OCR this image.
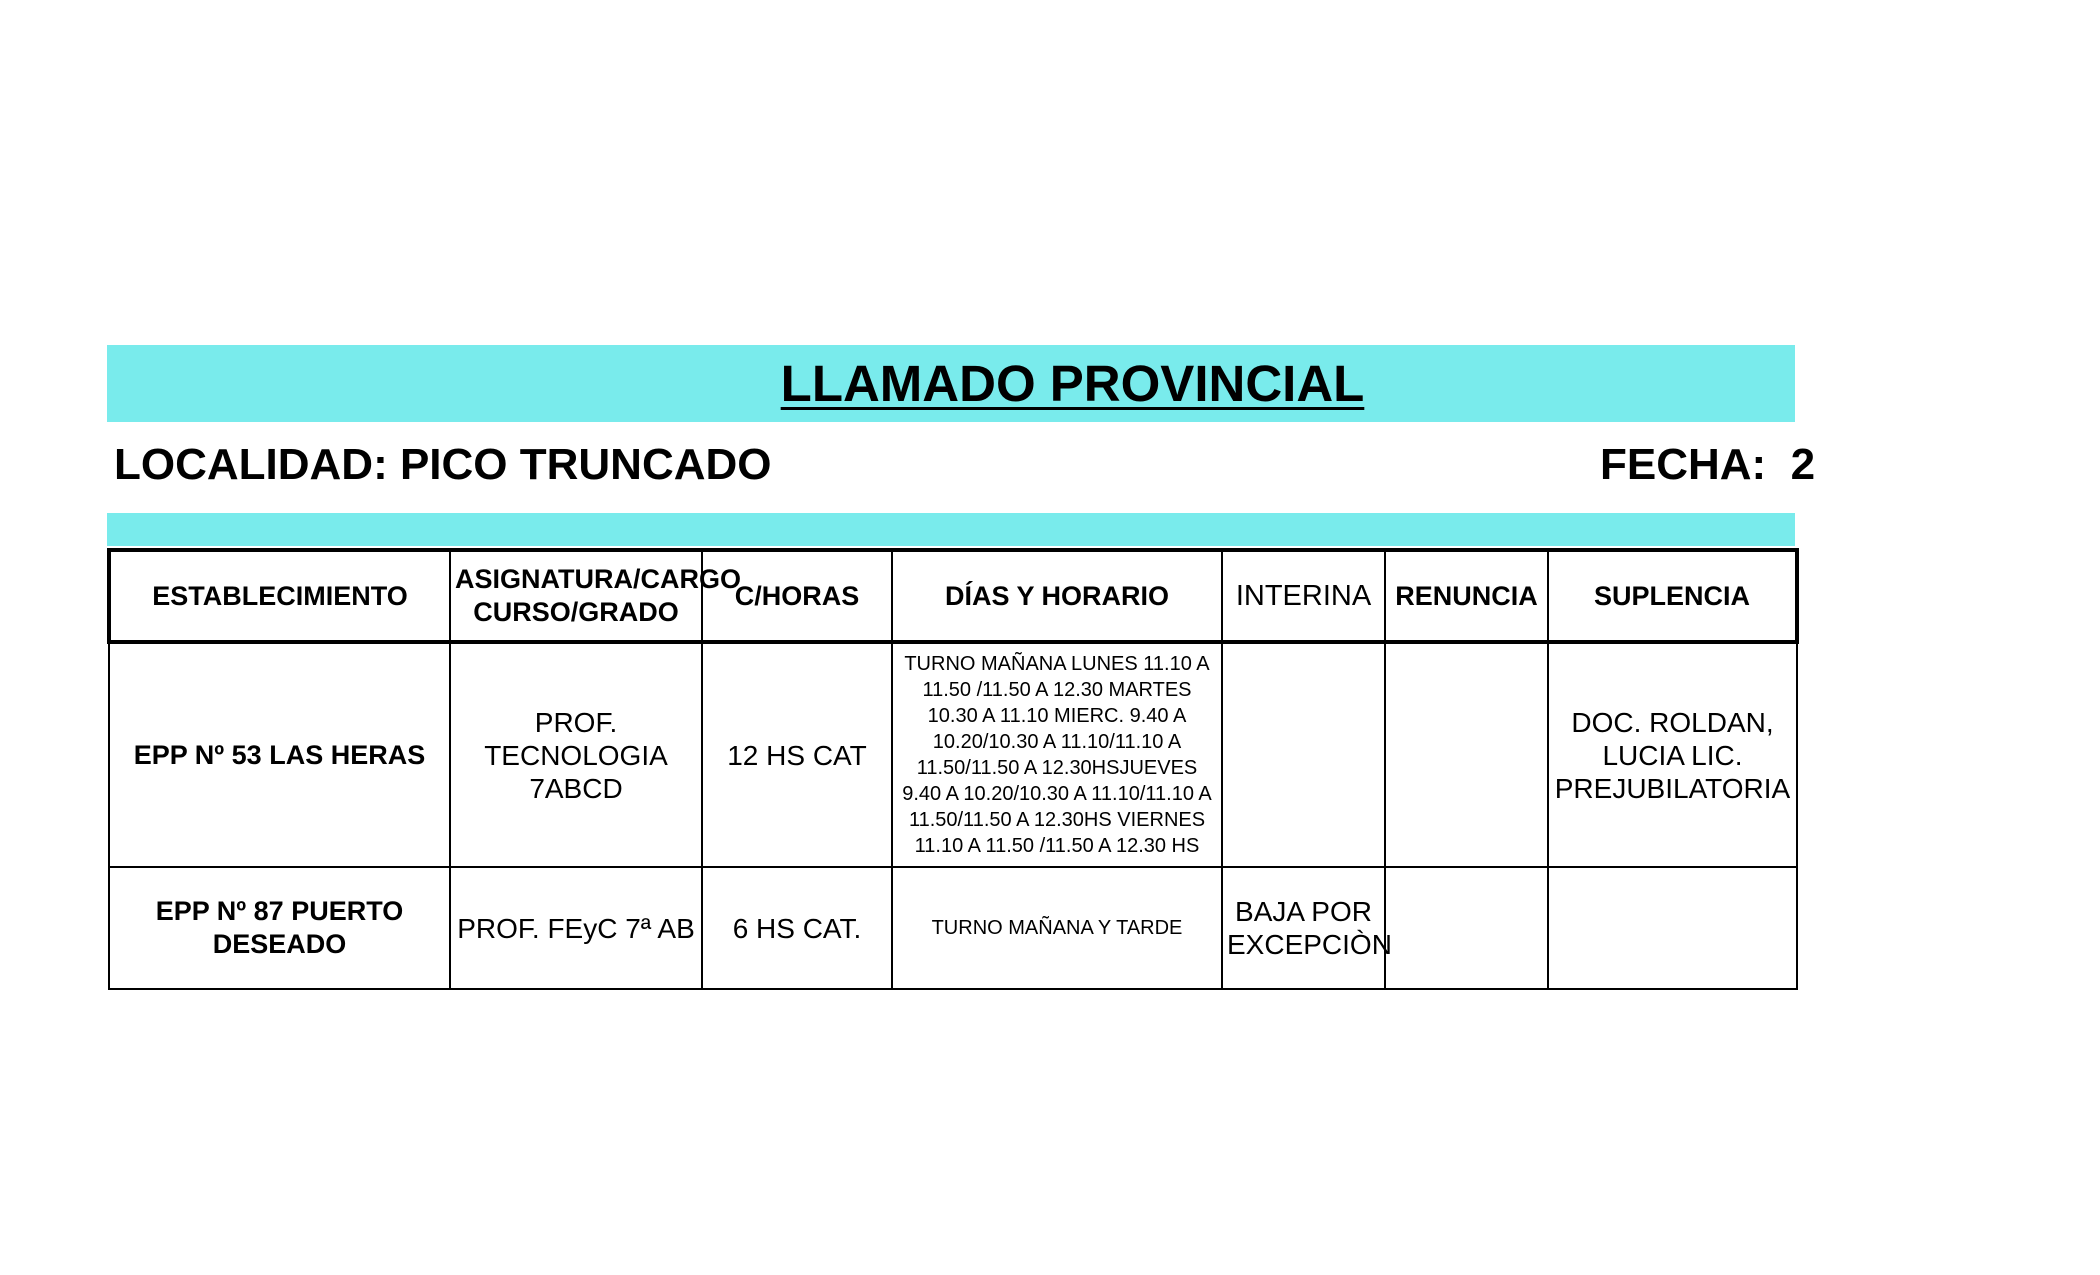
LLAMADO PROVINCIAL
LOCALIDAD: PICO TRUNCADO	FECHA:  2
ESTABLECIMIENTO	ASIGNATURA/CARGO CURSO/GRADO	C/HORAS	DÍAS Y HORARIO	INTERINA	RENUNCIA	SUPLENCIA
EPP Nº 53 LAS HERAS	PROF. TECNOLOGIA 7ABCD	12 HS CAT	TURNO MAÑANA LUNES 11.10 A 11.50 /11.50 A 12.30 MARTES 10.30 A 11.10 MIERC. 9.40 A 10.20/10.30 A 11.10/11.10 A 11.50/11.50 A 12.30HSJUEVES 9.40 A 10.20/10.30 A 11.10/11.10 A 11.50/11.50 A 12.30HS VIERNES 11.10 A 11.50 /11.50 A 12.30 HS			DOC. ROLDAN, LUCIA LIC. PREJUBILATORIA
EPP Nº 87 PUERTO DESEADO	PROF. FEyC 7ª AB	6 HS CAT.	TURNO MAÑANA Y TARDE	BAJA POR EXCEPCIÒN		
